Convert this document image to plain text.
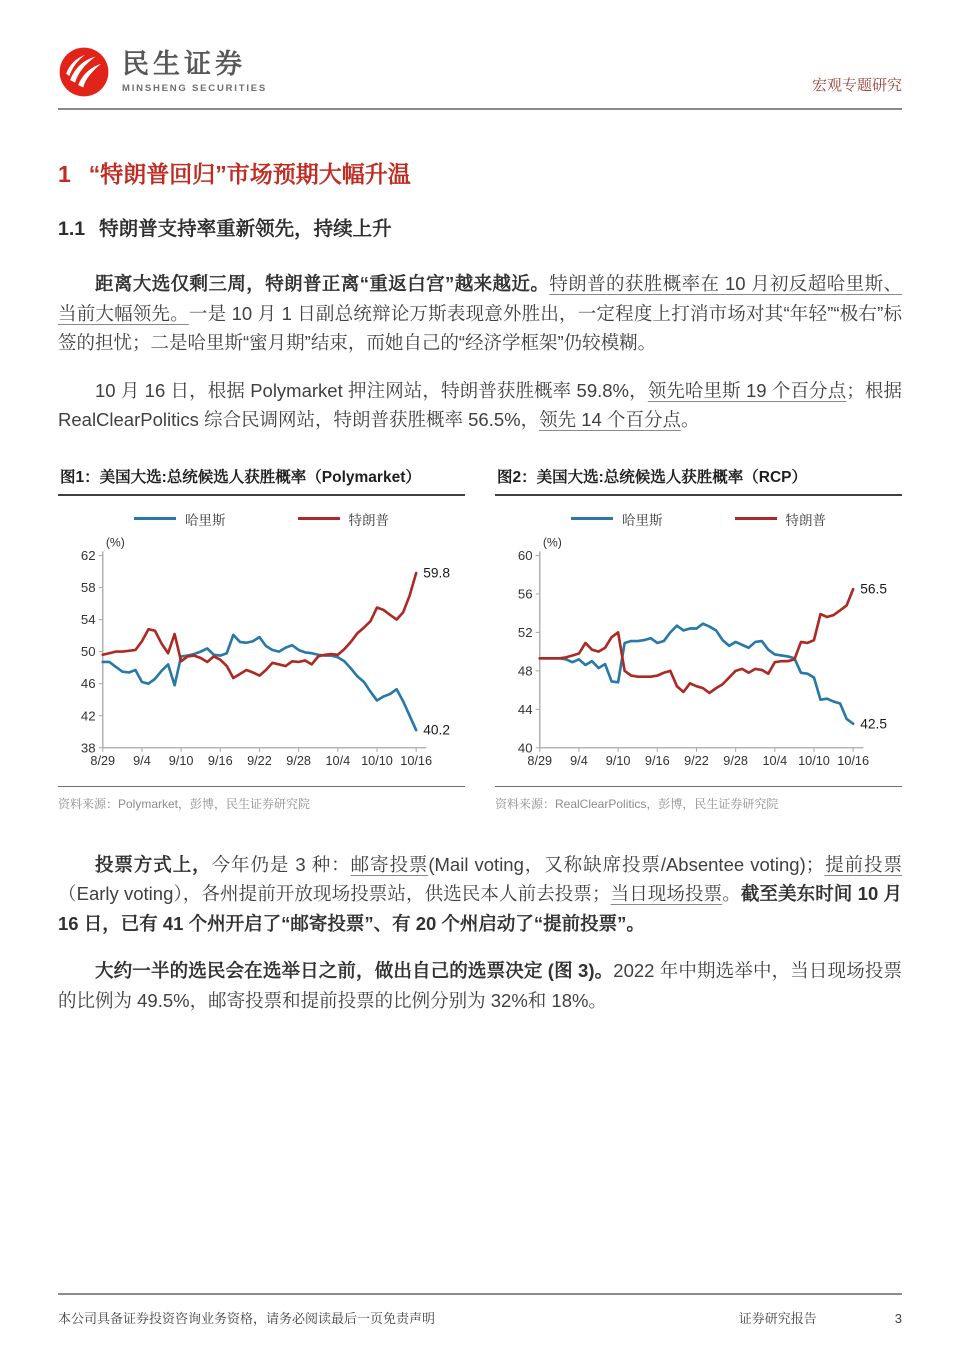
民生证券
MINSHENG SECURITIES	宏观专题研究
1 “特朗普回归”市场预期大幅升温
1.1 特朗普支持率重新领先，持续上升

距离大选仅剩三周，特朗普正离“重返白宫”越来越近。特朗普的获胜概率在 10 月初反超哈里斯、当前大幅领先。一是 10 月 1 日副总统辩论万斯表现意外胜出，一定程度上打消市场对其“年轻”“极右”标签的担忧；二是哈里斯“蜜月期”结束，而她自己的“经济学框架”仍较模糊。

10 月 16 日，根据 Polymarket 押注网站，特朗普获胜概率 59.8%，领先哈里斯 19 个百分点；根据 RealClearPolitics 综合民调网站，特朗普获胜概率 56.5%，领先 14 个百分点。

图1：美国大选:总统候选人获胜概率（Polymarket）
哈里斯	特朗普
(%)
38
42
46
50
54
58
62
8/29 9/4 9/10 9/16 9/22 9/28 10/4 10/10 10/16
40.2
59.8
资料来源：Polymarket，彭博，民生证券研究院
图2：美国大选:总统候选人获胜概率（RCP）
哈里斯	特朗普
(%)
40
44
48
52
56
60
8/29 9/4 9/10 9/16 9/22 9/28 10/4 10/10 10/16
42.5
56.5
资料来源：RealClearPolitics，彭博，民生证券研究院

投票方式上，今年仍是 3 种：邮寄投票(Mail voting，又称缺席投票/Absentee voting)；提前投票（Early voting），各州提前开放现场投票站，供选民本人前去投票；当日现场投票。截至美东时间 10 月 16 日，已有 41 个州开启了“邮寄投票”、有 20 个州启动了“提前投票”。

大约一半的选民会在选举日之前，做出自己的选票决定 (图 3)。2022 年中期选举中，当日现场投票的比例为 49.5%，邮寄投票和提前投票的比例分别为 32%和 18%。

本公司具备证券投资咨询业务资格，请务必阅读最后一页免责声明	证券研究报告	3
